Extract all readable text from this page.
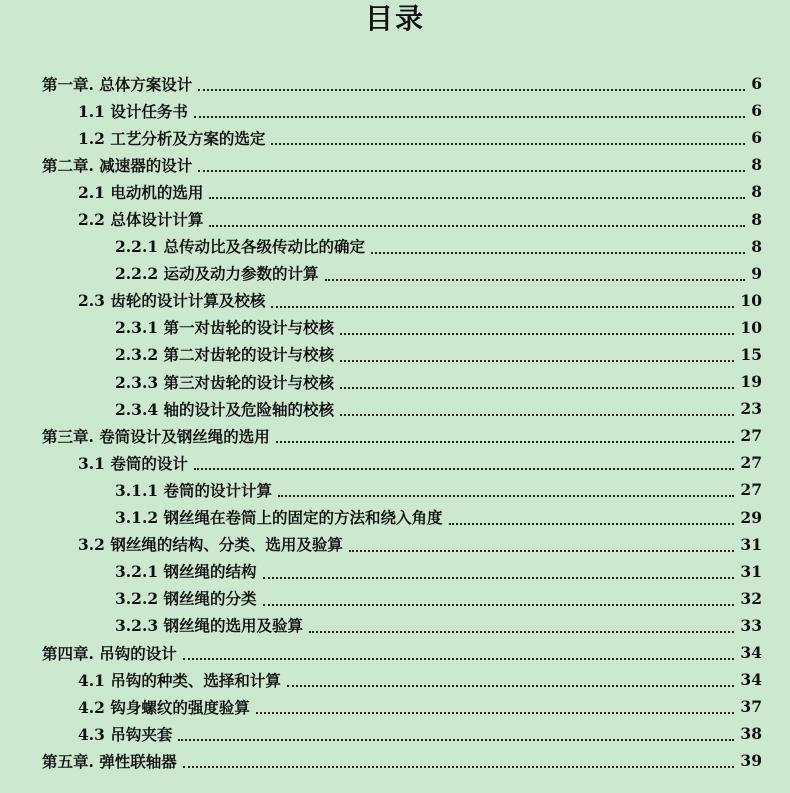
目录
第一章. 总体方案设计	6
1.1 设计任务书	6
1.2 工艺分析及方案的选定	6
第二章. 减速器的设计	8
2.1 电动机的选用	8
2.2 总体设计计算	8
2.2.1 总传动比及各级传动比的确定	8
2.2.2 运动及动力参数的计算	9
2.3 齿轮的设计计算及校核	10
2.3.1 第一对齿轮的设计与校核	10
2.3.2 第二对齿轮的设计与校核	15
2.3.3 第三对齿轮的设计与校核	19
2.3.4 轴的设计及危险轴的校核	23
第三章. 卷筒设计及钢丝绳的选用	27
3.1 卷筒的设计	27
3.1.1 卷筒的设计计算	27
3.1.2 钢丝绳在卷筒上的固定的方法和绕入角度	29
3.2 钢丝绳的结构、分类、选用及验算	31
3.2.1 钢丝绳的结构	31
3.2.2 钢丝绳的分类	32
3.2.3 钢丝绳的选用及验算	33
第四章. 吊钩的设计	34
4.1 吊钩的种类、选择和计算	34
4.2 钩身螺纹的强度验算	37
4.3 吊钩夹套	38
第五章. 弹性联轴器	39
